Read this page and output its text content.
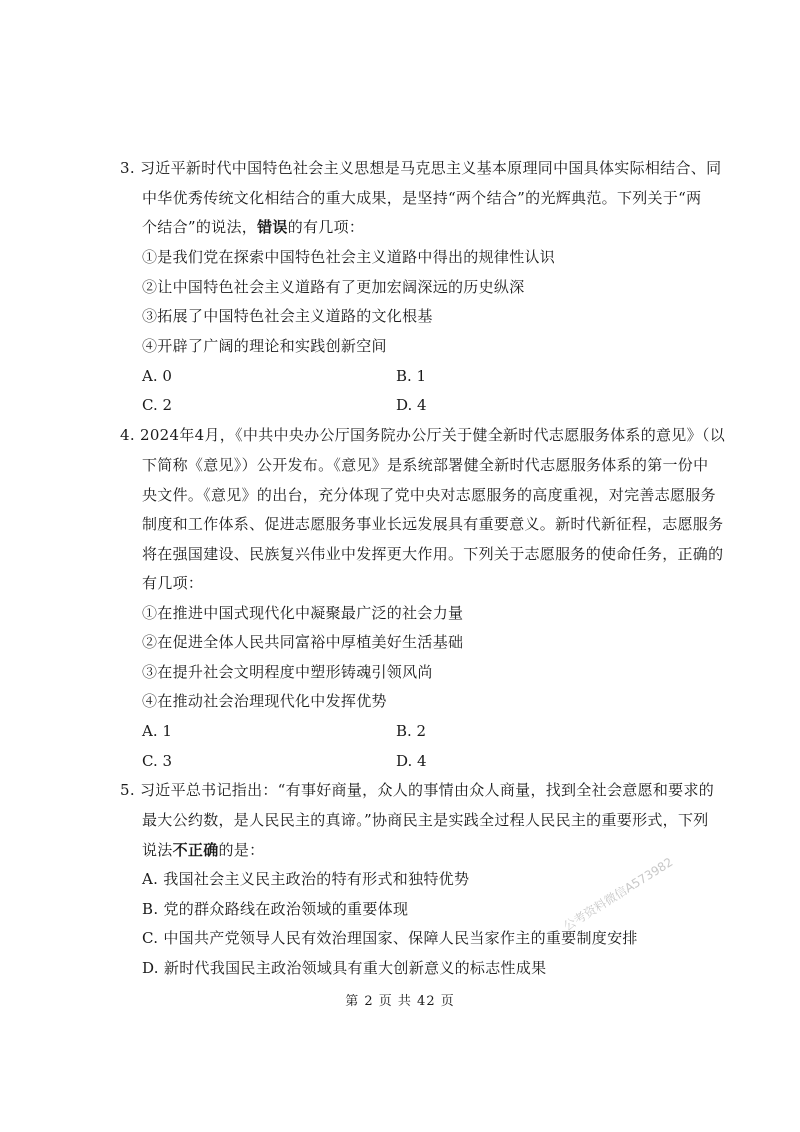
3. 习近平新时代中国特色社会主义思想是马克思主义基本原理同中国具体实际相结合、同
中华优秀传统文化相结合的重大成果，是坚持“两个结合”的光辉典范。下列关于“两
个结合”的说法，错误的有几项：
①是我们党在探索中国特色社会主义道路中得出的规律性认识
②让中国特色社会主义道路有了更加宏阔深远的历史纵深
③拓展了中国特色社会主义道路的文化根基
④开辟了广阔的理论和实践创新空间
A. 0	B. 1
C. 2	D. 4
4. 2024年4月，《中共中央办公厅国务院办公厅关于健全新时代志愿服务体系的意见》（以
下简称《意见》）公开发布。《意见》是系统部署健全新时代志愿服务体系的第一份中
央文件。《意见》的出台，充分体现了党中央对志愿服务的高度重视，对完善志愿服务
制度和工作体系、促进志愿服务事业长远发展具有重要意义。新时代新征程，志愿服务
将在强国建设、民族复兴伟业中发挥更大作用。下列关于志愿服务的使命任务，正确的
有几项：
①在推进中国式现代化中凝聚最广泛的社会力量
②在促进全体人民共同富裕中厚植美好生活基础
③在提升社会文明程度中塑形铸魂引领风尚
④在推动社会治理现代化中发挥优势
A. 1	B. 2
C. 3	D. 4
5. 习近平总书记指出：“有事好商量，众人的事情由众人商量，找到全社会意愿和要求的
最大公约数，是人民民主的真谛。”协商民主是实践全过程人民民主的重要形式，下列
说法不正确的是：
A. 我国社会主义民主政治的特有形式和独特优势
B. 党的群众路线在政治领域的重要体现
C. 中国共产党领导人民有效治理国家、保障人民当家作主的重要制度安排
D. 新时代我国民主政治领域具有重大创新意义的标志性成果
第 2 页 共 42 页
公考资料微信A573982
